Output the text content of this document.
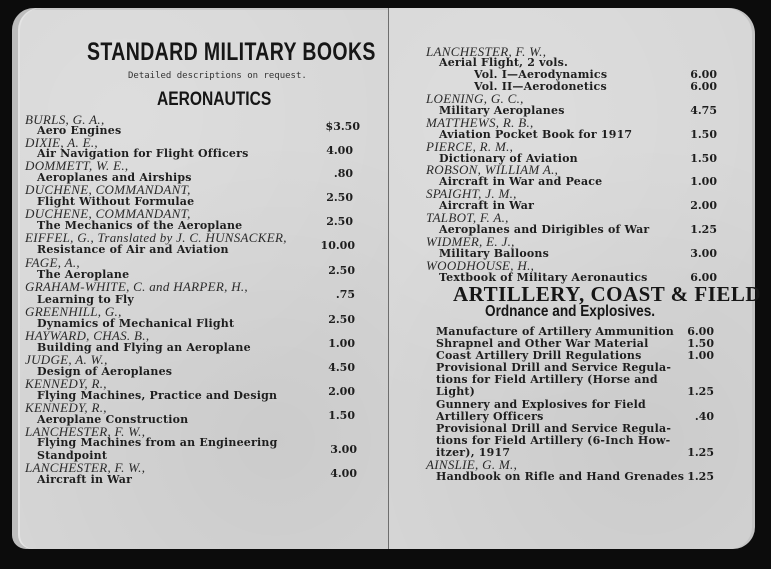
STANDARD MILITARY BOOKS
Detailed descriptions on request.
AERONAUTICS
BURLS, G. A.,
Aero Engines	$3.50
DIXIE, A. E.,
Air Navigation for Flight Officers	4.00
DOMMETT, W. E.,
Aeroplanes and Airships	.80
DUCHENE, COMMANDANT,
Flight Without Formulae	2.50
DUCHENE, COMMANDANT,
The Mechanics of the Aeroplane	2.50
EIFFEL, G., Translated by J. C. HUNSACKER,
Resistance of Air and Aviation	10.00
FAGE, A.,
The Aeroplane	2.50
GRAHAM-WHITE, C. and HARPER, H.,
Learning to Fly	.75
GREENHILL, G.,
Dynamics of Mechanical Flight	2.50
HAYWARD, CHAS. B.,
Building and Flying an Aeroplane	1.00
JUDGE, A. W.,
Design of Aeroplanes	4.50
KENNEDY, R.,
Flying Machines, Practice and Design	2.00
KENNEDY, R.,
Aeroplane Construction	1.50
LANCHESTER, F. W.,
Flying Machines from an Engineering
Standpoint	3.00
LANCHESTER, F. W.,
Aircraft in War	4.00
LANCHESTER, F. W.,
Aerial Flight, 2 vols.
Vol. I—Aerodynamics	6.00
Vol. II—Aerodonetics	6.00
LOENING, G. C.,
Military Aeroplanes	4.75
MATTHEWS, R. B.,
Aviation Pocket Book for 1917	1.50
PIERCE, R. M.,
Dictionary of Aviation	1.50
ROBSON, WILLIAM A.,
Aircraft in War and Peace	1.00
SPAIGHT, J. M.,
Aircraft in War	2.00
TALBOT, F. A.,
Aeroplanes and Dirigibles of War	1.25
WIDMER, E. J.,
Military Balloons	3.00
WOODHOUSE, H.,
Textbook of Military Aeronautics	6.00
ARTILLERY, COAST & FIELD
Ordnance and Explosives.
Manufacture of Artillery Ammunition	6.00
Shrapnel and Other War Material	1.50
Coast Artillery Drill Regulations	1.00
Provisional Drill and Service Regula-
tions for Field Artillery (Horse and
Light)	1.25
Gunnery and Explosives for Field
Artillery Officers	.40
Provisional Drill and Service Regula-
tions for Field Artillery (6-Inch How-
itzer), 1917	1.25
AINSLIE, G. M.,
Handbook on Rifle and Hand Grenades 1.25
